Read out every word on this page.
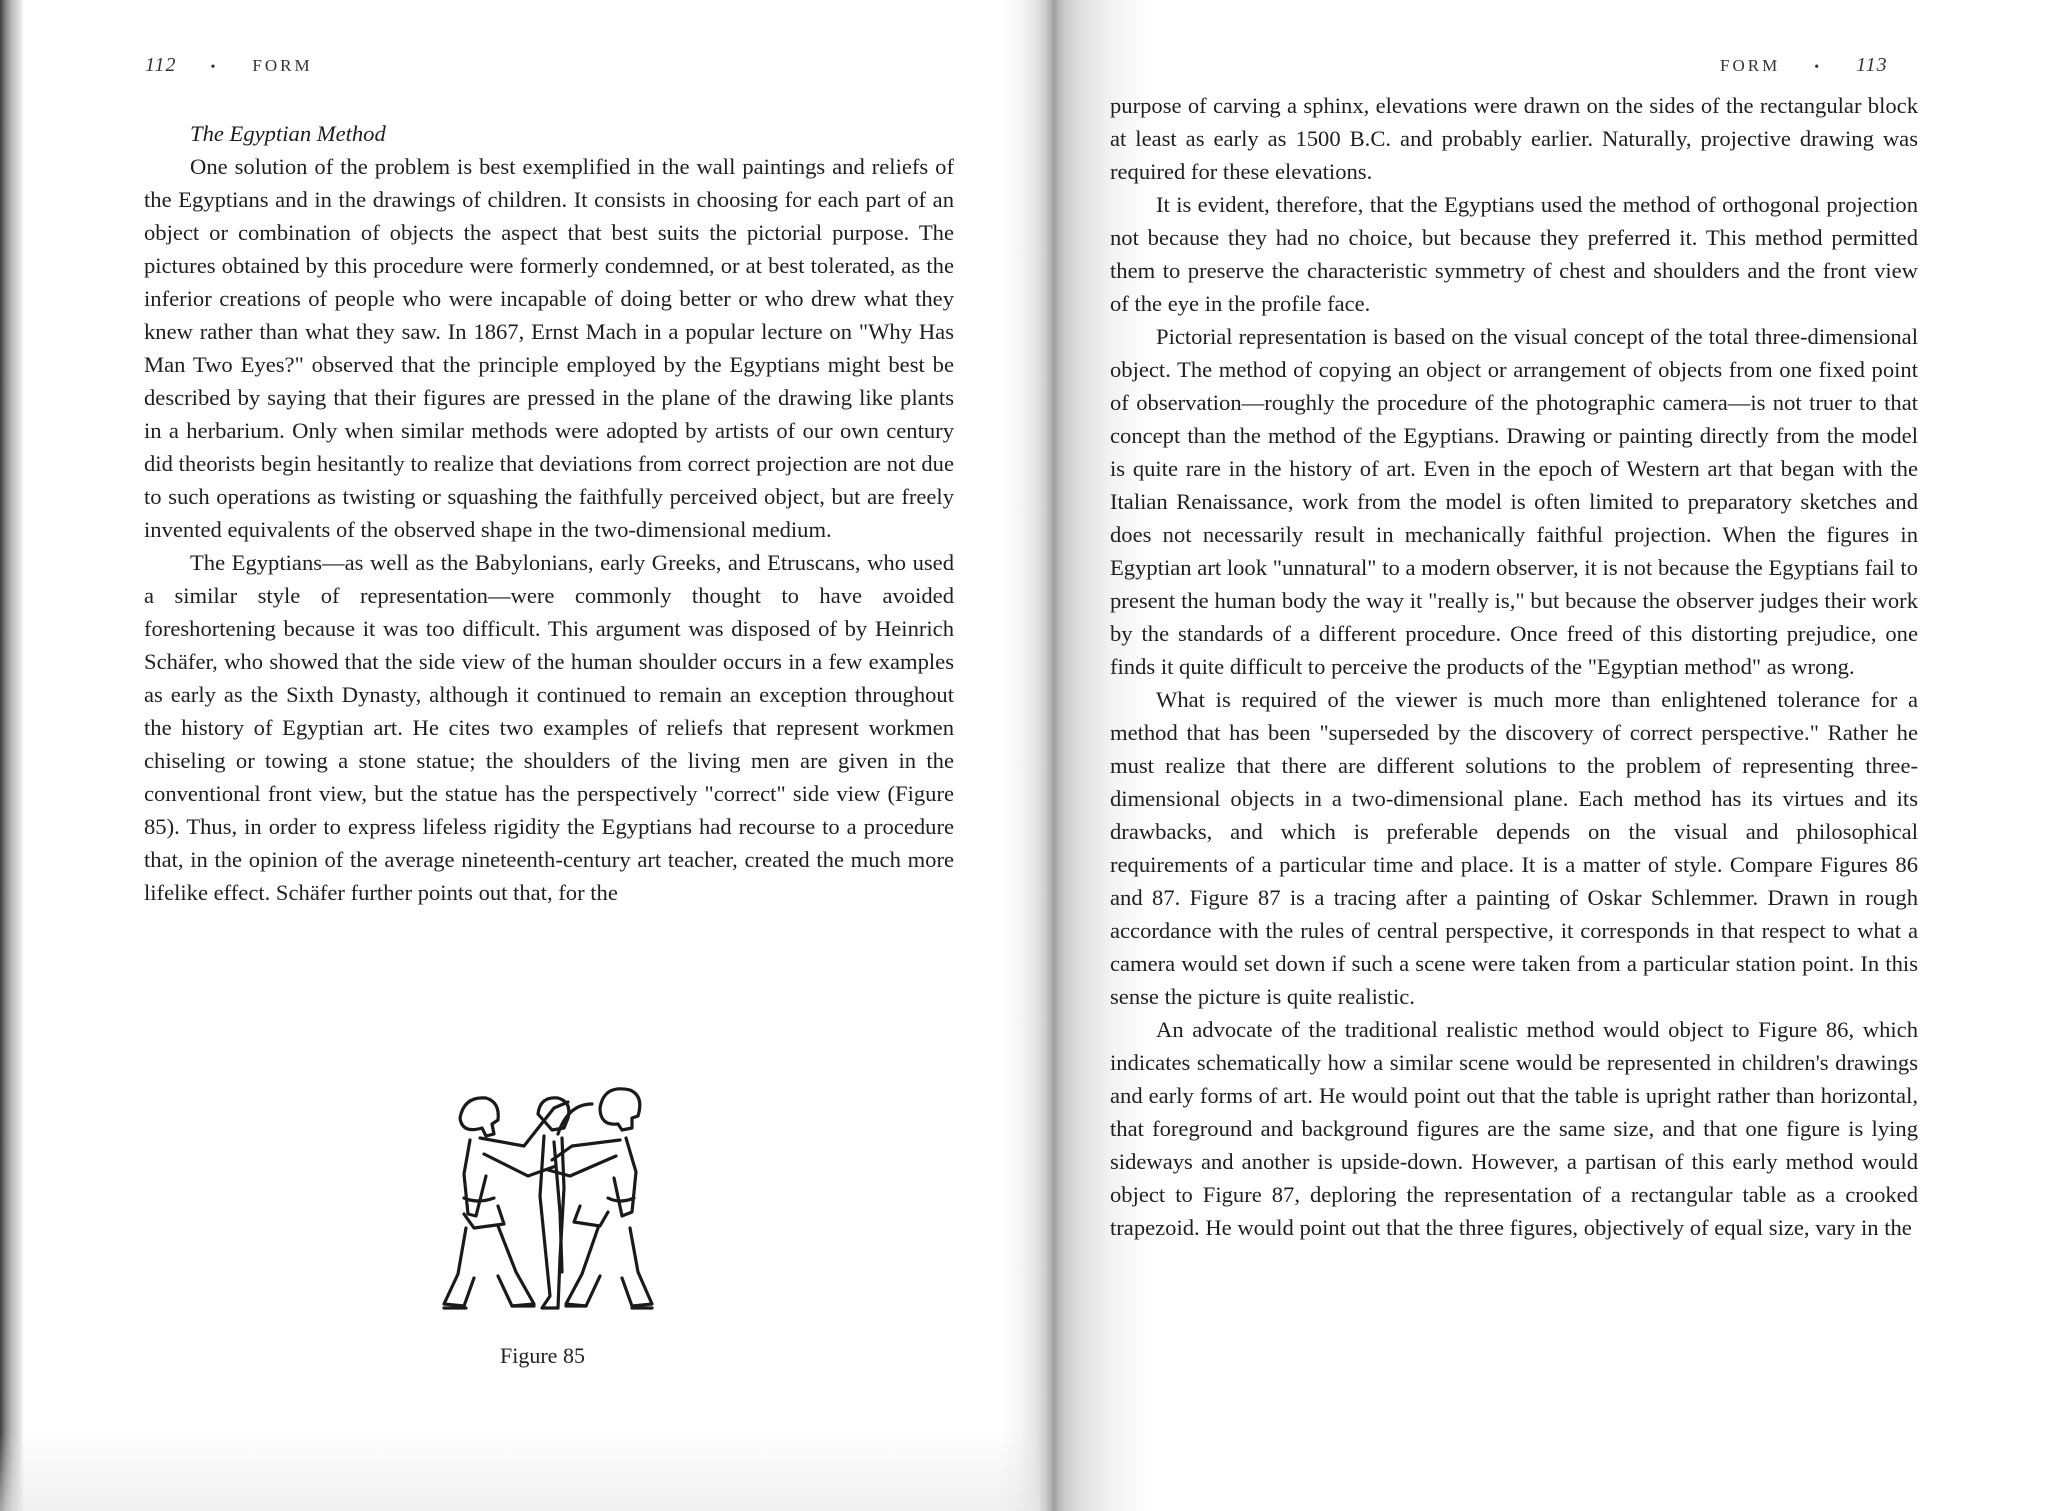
112 • FORM

The Egyptian Method

One solution of the problem is best exemplified in the wall paintings and reliefs of the Egyptians and in the drawings of children. It consists in choosing for each part of an object or combination of objects the aspect that best suits the pictorial purpose. The pictures obtained by this procedure were formerly condemned, or at best tolerated, as the inferior creations of people who were incapable of doing better or who drew what they knew rather than what they saw. In 1867, Ernst Mach in a popular lecture on "Why Has Man Two Eyes?" observed that the principle employed by the Egyptians might best be described by saying that their figures are pressed in the plane of the drawing like plants in a herbarium. Only when similar methods were adopted by artists of our own century did theorists begin hesitantly to realize that deviations from correct projection are not due to such operations as twisting or squashing the faithfully perceived object, but are freely invented equivalents of the observed shape in the two-dimensional medium.

The Egyptians—as well as the Babylonians, early Greeks, and Etruscans, who used a similar style of representation—were commonly thought to have avoided foreshortening because it was too difficult. This argument was disposed of by Heinrich Schäfer, who showed that the side view of the human shoulder occurs in a few examples as early as the Sixth Dynasty, although it continued to remain an exception throughout the history of Egyptian art. He cites two examples of reliefs that represent workmen chiseling or towing a stone statue; the shoulders of the living men are given in the conventional front view, but the statue has the perspectively "correct" side view (Figure 85). Thus, in order to express lifeless rigidity the Egyptians had recourse to a procedure that, in the opinion of the average nineteenth-century art teacher, created the much more lifelike effect. Schäfer further points out that, for the

Figure 85
FORM • 113

purpose of carving a sphinx, elevations were drawn on the sides of the rectangular block at least as early as 1500 B.C. and probably earlier. Naturally, projective drawing was required for these elevations.

It is evident, therefore, that the Egyptians used the method of orthogonal projection not because they had no choice, but because they preferred it. This method permitted them to preserve the characteristic symmetry of chest and shoulders and the front view of the eye in the profile face.

Pictorial representation is based on the visual concept of the total three-dimensional object. The method of copying an object or arrangement of objects from one fixed point of observation—roughly the procedure of the photographic camera—is not truer to that concept than the method of the Egyptians. Drawing or painting directly from the model is quite rare in the history of art. Even in the epoch of Western art that began with the Italian Renaissance, work from the model is often limited to preparatory sketches and does not necessarily result in mechanically faithful projection. When the figures in Egyptian art look "unnatural" to a modern observer, it is not because the Egyptians fail to present the human body the way it "really is," but because the observer judges their work by the standards of a different procedure. Once freed of this distorting prejudice, one finds it quite difficult to perceive the products of the "Egyptian method" as wrong.

What is required of the viewer is much more than enlightened tolerance for a method that has been "superseded by the discovery of correct perspective." Rather he must realize that there are different solutions to the problem of representing three-dimensional objects in a two-dimensional plane. Each method has its virtues and its drawbacks, and which is preferable depends on the visual and philosophical requirements of a particular time and place. It is a matter of style. Compare Figures 86 and 87. Figure 87 is a tracing after a painting of Oskar Schlemmer. Drawn in rough accordance with the rules of central perspective, it corresponds in that respect to what a camera would set down if such a scene were taken from a particular station point. In this sense the picture is quite realistic.

An advocate of the traditional realistic method would object to Figure 86, which indicates schematically how a similar scene would be represented in children's drawings and early forms of art. He would point out that the table is upright rather than horizontal, that foreground and background figures are the same size, and that one figure is lying sideways and another is upside-down. However, a partisan of this early method would object to Figure 87, deploring the representation of a rectangular table as a crooked trapezoid. He would point out that the three figures, objectively of equal size, vary in the
